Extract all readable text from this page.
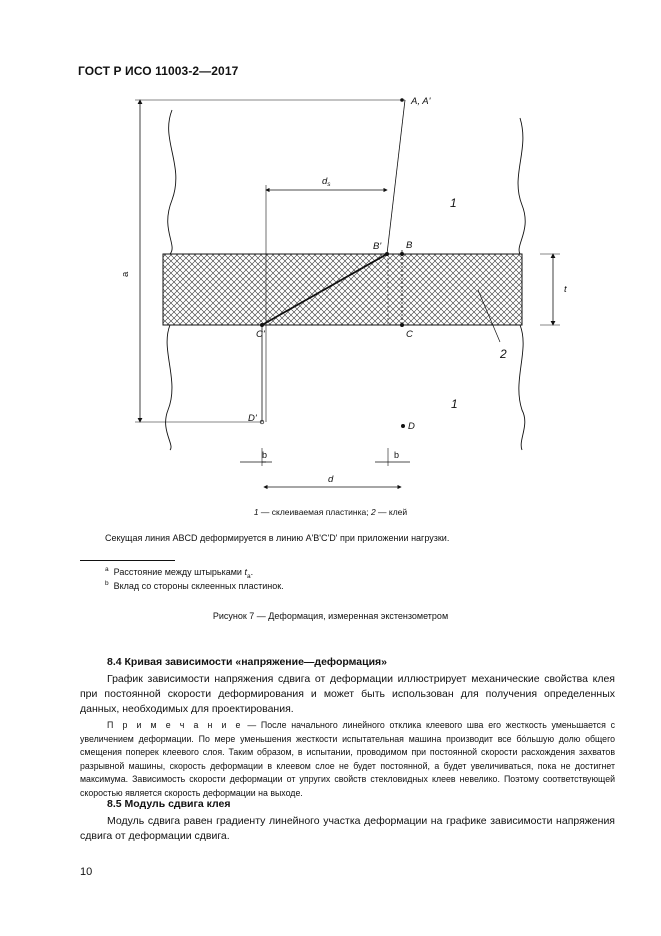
ГОСТ Р ИСО 11003-2—2017
A, A'
$d_s$
1
1
2
B'	B
C'	C
D'
D
a
t
b	b
d
1 — склеиваемая пластинка; 2 — клей
Секущая линия ABCD деформируется в линию A'B'C'D' при приложении нагрузки.
$^a$ Расстояние между штырьками $t_a$.
$^b$ Вклад со стороны склеенных пластинок.
Рисунок 7 — Деформация, измеренная экстензометром
8.4 Кривая зависимости «напряжение—деформация»
График зависимости напряжения сдвига от деформации иллюстрирует механические свойства клея при постоянной скорости деформирования и может быть использован для получения определенных данных, необходимых для проектирования.
П р и м е ч а н и е — После начального линейного отклика клеевого шва его жесткость уменьшается с увеличением деформации. По мере уменьшения жесткости испытательная машина производит все бóльшую долю общего смещения поперек клеевого слоя. Таким образом, в испытании, проводимом при постоянной скорости расхождения захватов разрывной машины, скорость деформации в клеевом слое не будет постоянной, а будет увеличиваться, пока не достигнет максимума. Зависимость скорости деформации от упругих свойств стекловидных клеев невелико. Поэтому соответствующей скоростью является скорость деформации на выходе.
8.5 Модуль сдвига клея
Модуль сдвига равен градиенту линейного участка деформации на графике зависимости напряжения сдвига от деформации сдвига.
10
